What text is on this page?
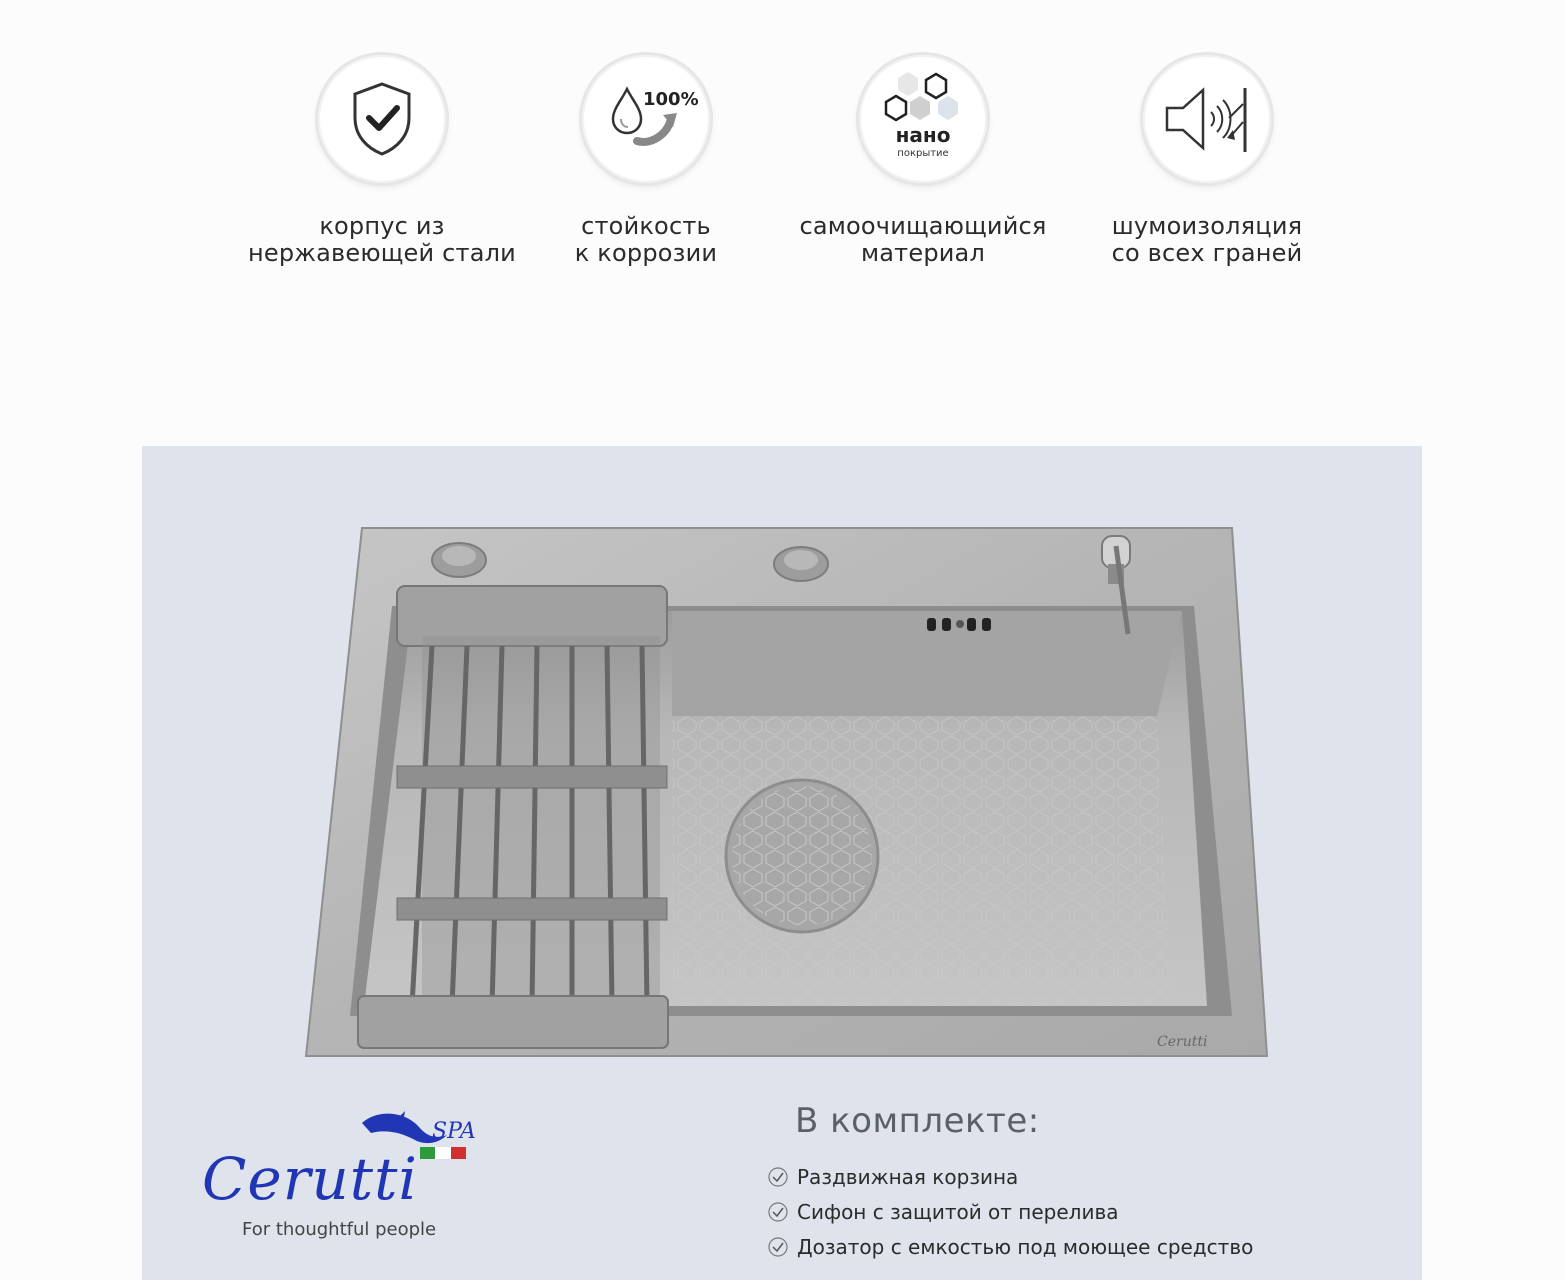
корпус из
нержавеющей стали
100%
стойкость
к коррозии
нано
покрытие
самоочищающийся
материал
шумоизоляция
со всех граней
Cerutti
SPA
Cerutti
For thoughtful people
В комплекте:
Раздвижная корзина
Сифон с защитой от перелива
Дозатор с емкостью под моющее средство
